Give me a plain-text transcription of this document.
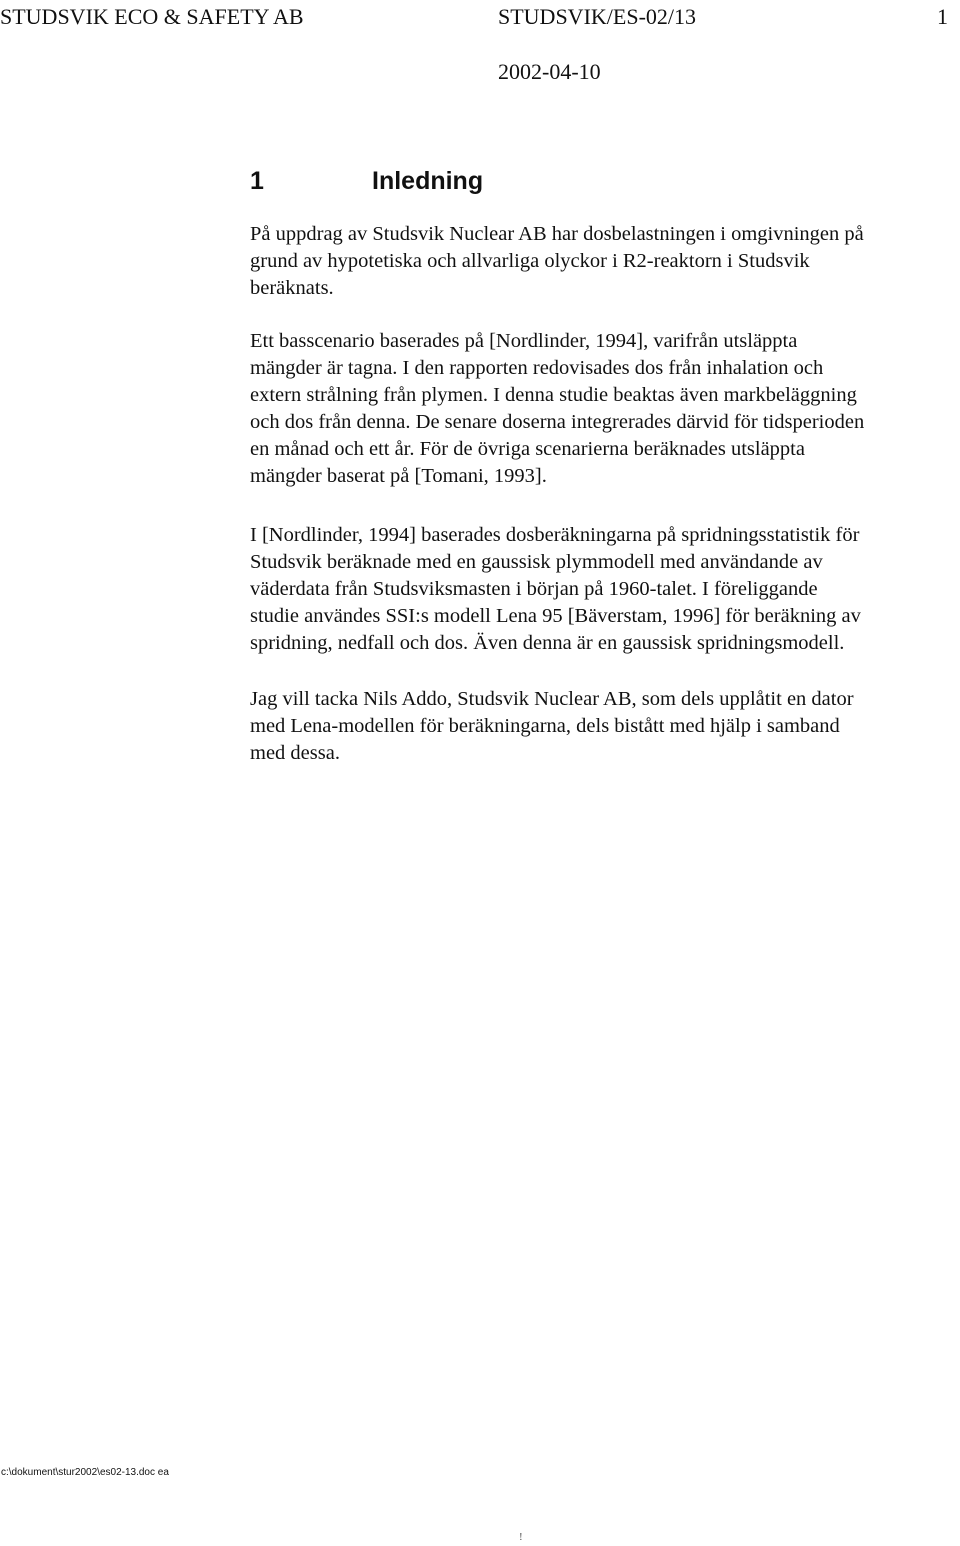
STUDSVIK ECO & SAFETY AB	STUDSVIK/ES-02/13	1
2002-04-10
1	Inledning

På uppdrag av Studsvik Nuclear AB har dosbelastningen i omgivningen på
grund av hypotetiska och allvarliga olyckor i R2-reaktorn i Studsvik
beräknats.

Ett basscenario baserades på [Nordlinder, 1994], varifrån utsläppta
mängder är tagna. I den rapporten redovisades dos från inhalation och
extern strålning från plymen. I denna studie beaktas även markbeläggning
och dos från denna. De senare doserna integrerades därvid för tidsperioden
en månad och ett år. För de övriga scenarierna beräknades utsläppta
mängder baserat på [Tomani, 1993].

I [Nordlinder, 1994] baserades dosberäkningarna på spridningsstatistik för
Studsvik beräknade med en gaussisk plymmodell med användande av
väderdata från Studsviksmasten i början på 1960-talet. I föreliggande
studie användes SSI:s modell Lena 95 [Bäverstam, 1996] för beräkning av
spridning, nedfall och dos. Även denna är en gaussisk spridningsmodell.

Jag vill tacka Nils Addo, Studsvik Nuclear AB, som dels upplåtit en dator
med Lena-modellen för beräkningarna, dels bistått med hjälp i samband
med dessa.

c:\dokument\stur2002\es02-13.doc ea
!
